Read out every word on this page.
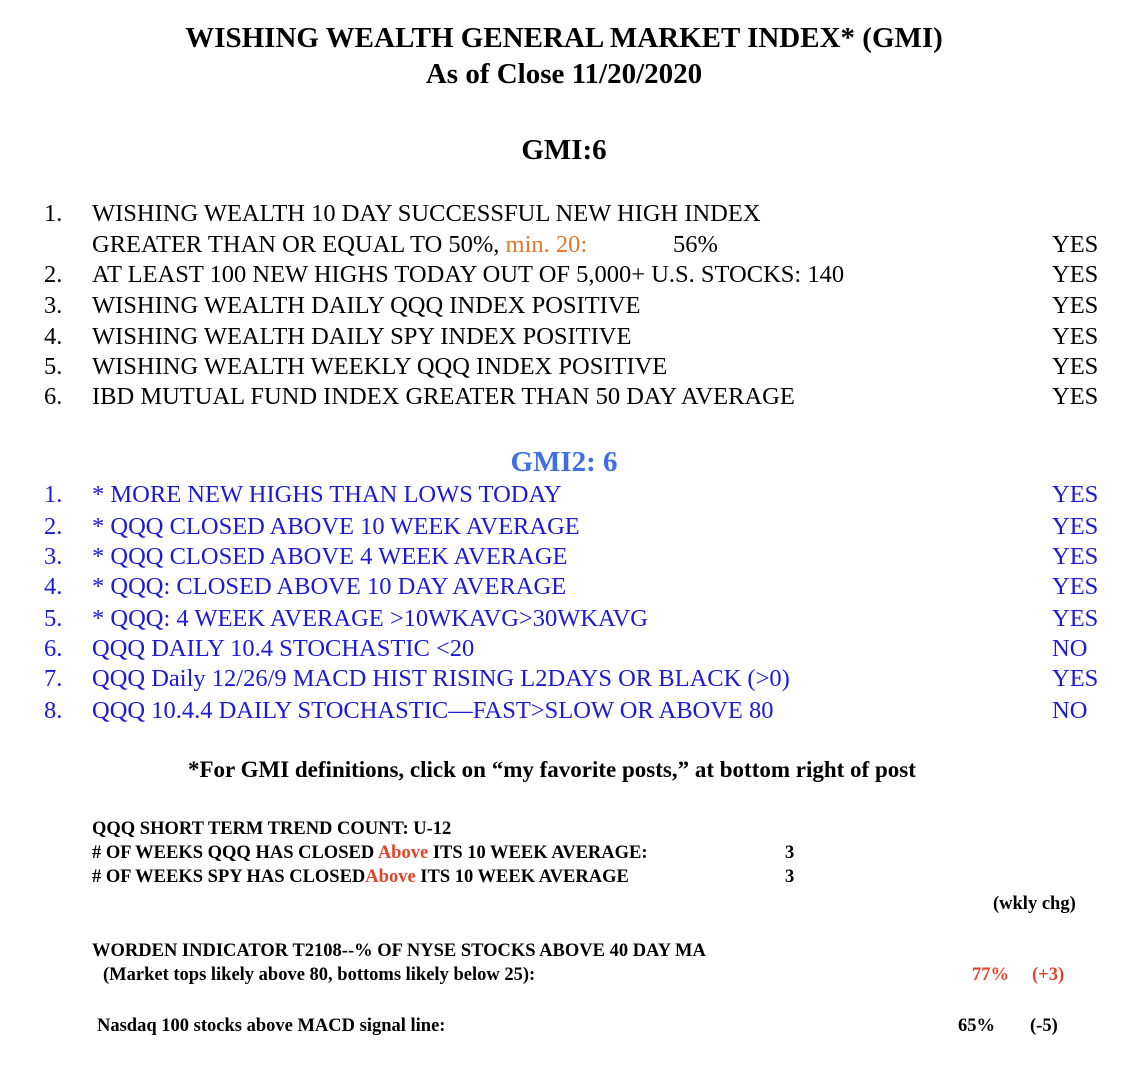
WISHING WEALTH GENERAL MARKET INDEX* (GMI)
As of Close 11/20/2020
GMI:6
1. WISHING WEALTH 10 DAY SUCCESSFUL NEW HIGH INDEX
GREATER THAN OR EQUAL TO 50%, min. 20:	56%	YES
2. AT LEAST 100 NEW HIGHS TODAY OUT OF 5,000+ U.S. STOCKS: 140	YES
3. WISHING WEALTH DAILY QQQ INDEX POSITIVE	YES
4. WISHING WEALTH DAILY SPY INDEX POSITIVE	YES
5. WISHING WEALTH WEEKLY QQQ INDEX POSITIVE	YES
6. IBD MUTUAL FUND INDEX GREATER THAN 50 DAY AVERAGE	YES
GMI2: 6
1. * MORE NEW HIGHS THAN LOWS TODAY	YES
2. * QQQ CLOSED ABOVE 10 WEEK AVERAGE	YES
3. * QQQ CLOSED ABOVE 4 WEEK AVERAGE	YES
4. * QQQ: CLOSED ABOVE 10 DAY AVERAGE	YES
5. * QQQ: 4 WEEK AVERAGE >10WKAVG>30WKAVG	YES
6. QQQ DAILY 10.4 STOCHASTIC <20	NO
7. QQQ Daily 12/26/9 MACD HIST RISING L2DAYS OR BLACK (>0)	YES
8. QQQ 10.4.4 DAILY STOCHASTIC—FAST>SLOW OR ABOVE 80	NO
*For GMI definitions, click on “my favorite posts,” at bottom right of post
QQQ SHORT TERM TREND COUNT: U-12
# OF WEEKS QQQ HAS CLOSED Above ITS 10 WEEK AVERAGE:	3
# OF WEEKS SPY HAS CLOSEDAbove ITS 10 WEEK AVERAGE	3
(wkly chg)
WORDEN INDICATOR T2108--% OF NYSE STOCKS ABOVE 40 DAY MA
(Market tops likely above 80, bottoms likely below 25):	77% (+3)
Nasdaq 100 stocks above MACD signal line:	65% (-5)
